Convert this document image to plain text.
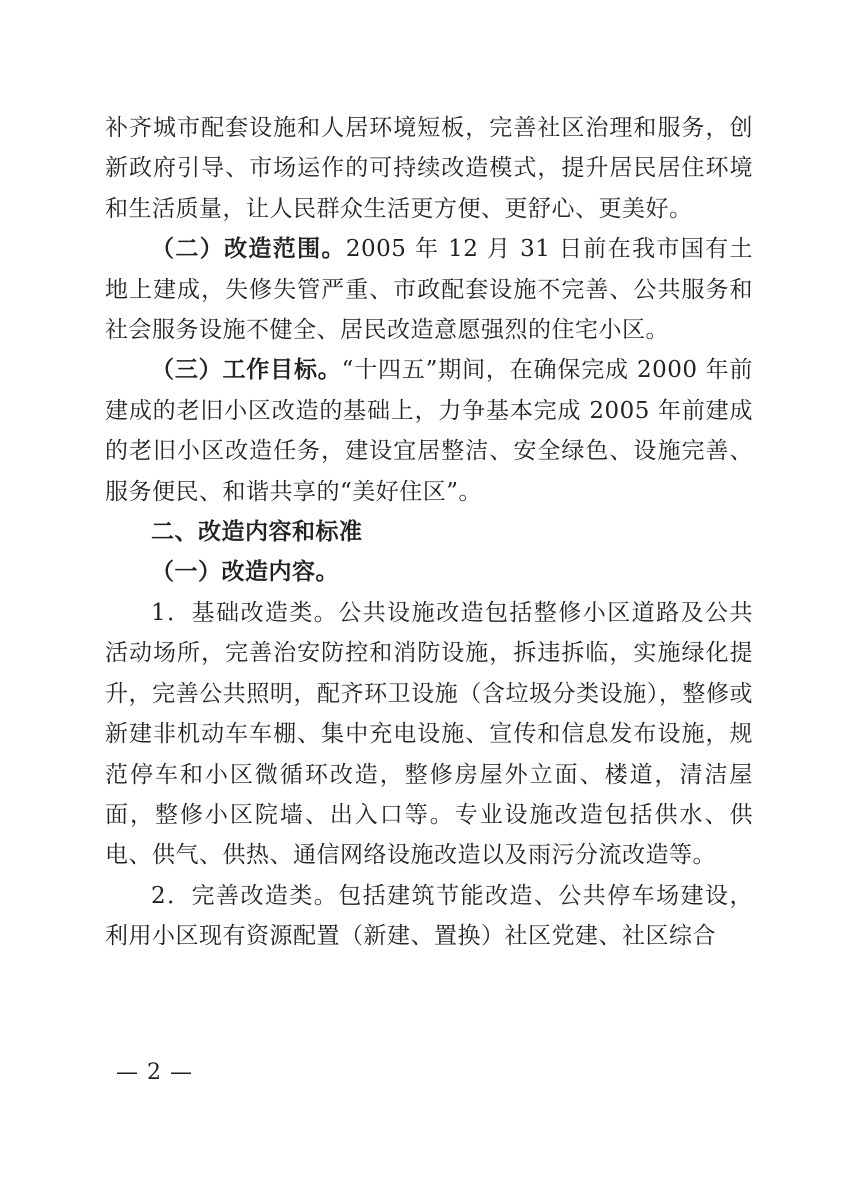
补齐城市配套设施和人居环境短板，完善社区治理和服务，创新政府引导、市场运作的可持续改造模式，提升居民居住环境和生活质量，让人民群众生活更方便、更舒心、更美好。

（二）改造范围。2005 年 12 月 31 日前在我市国有土地上建成，失修失管严重、市政配套设施不完善、公共服务和社会服务设施不健全、居民改造意愿强烈的住宅小区。

（三）工作目标。“十四五”期间，在确保完成 2000 年前建成的老旧小区改造的基础上，力争基本完成 2005 年前建成的老旧小区改造任务，建设宜居整洁、安全绿色、设施完善、服务便民、和谐共享的“美好住区”。

二、改造内容和标准

（一）改造内容。

1．基础改造类。公共设施改造包括整修小区道路及公共活动场所，完善治安防控和消防设施，拆违拆临，实施绿化提升，完善公共照明，配齐环卫设施（含垃圾分类设施），整修或新建非机动车车棚、集中充电设施、宣传和信息发布设施，规范停车和小区微循环改造，整修房屋外立面、楼道，清洁屋面，整修小区院墙、出入口等。专业设施改造包括供水、供电、供气、供热、通信网络设施改造以及雨污分流改造等。

2．完善改造类。包括建筑节能改造、公共停车场建设，利用小区现有资源配置（新建、置换）社区党建、社区综合

— 2 —
